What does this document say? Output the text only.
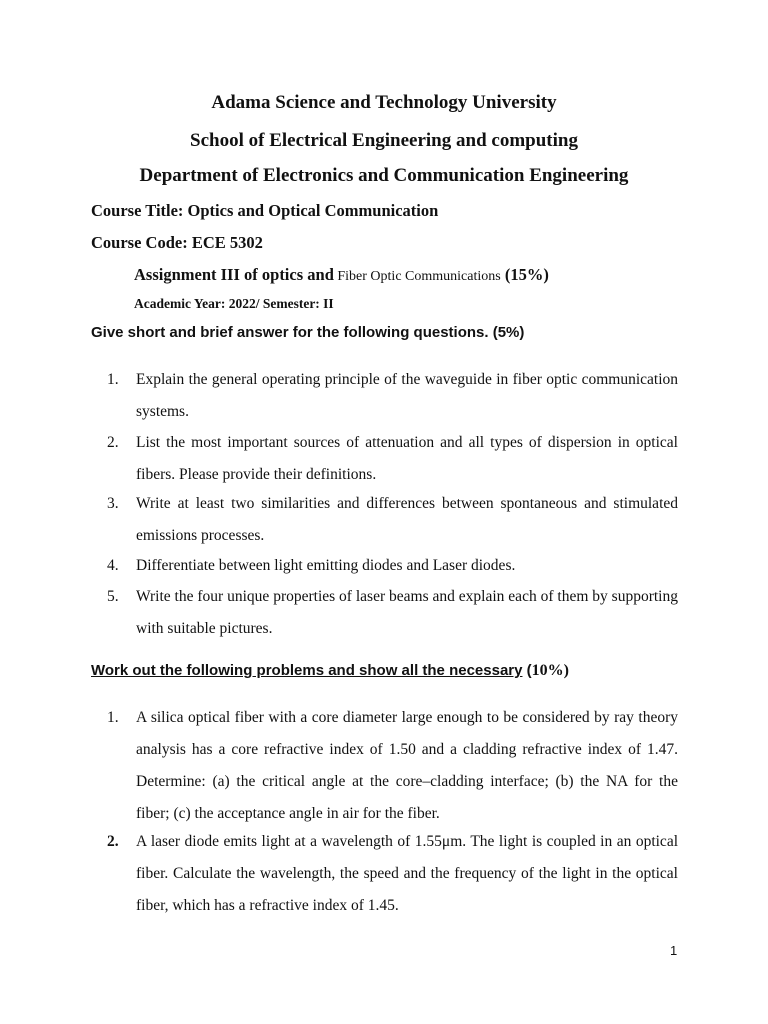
Adama Science and Technology University
School of Electrical Engineering and computing
Department of Electronics and Communication Engineering
Course Title: Optics and Optical Communication
Course Code: ECE 5302
Assignment III of optics and Fiber Optic Communications (15%)
Academic Year: 2022/ Semester: II
Give short and brief answer for the following questions. (5%)
1.	Explain the general operating principle of the waveguide in fiber optic communication systems.
2.	List the most important sources of attenuation and all types of dispersion in optical fibers. Please provide their definitions.
3.	Write at least two similarities and differences between spontaneous and stimulated emissions processes.
4.	Differentiate between light emitting diodes and Laser diodes.
5.	Write the four unique properties of laser beams and explain each of them by supporting with suitable pictures.
Work out the following problems and show all the necessary (10%)
1.	A silica optical fiber with a core diameter large enough to be considered by ray theory analysis has a core refractive index of 1.50 and a cladding refractive index of 1.47. Determine: (a) the critical angle at the core–cladding interface; (b) the NA for the fiber; (c) the acceptance angle in air for the fiber.
2.	A laser diode emits light at a wavelength of 1.55μm. The light is coupled in an optical fiber. Calculate the wavelength, the speed and the frequency of the light in the optical fiber, which has a refractive index of 1.45.
1
